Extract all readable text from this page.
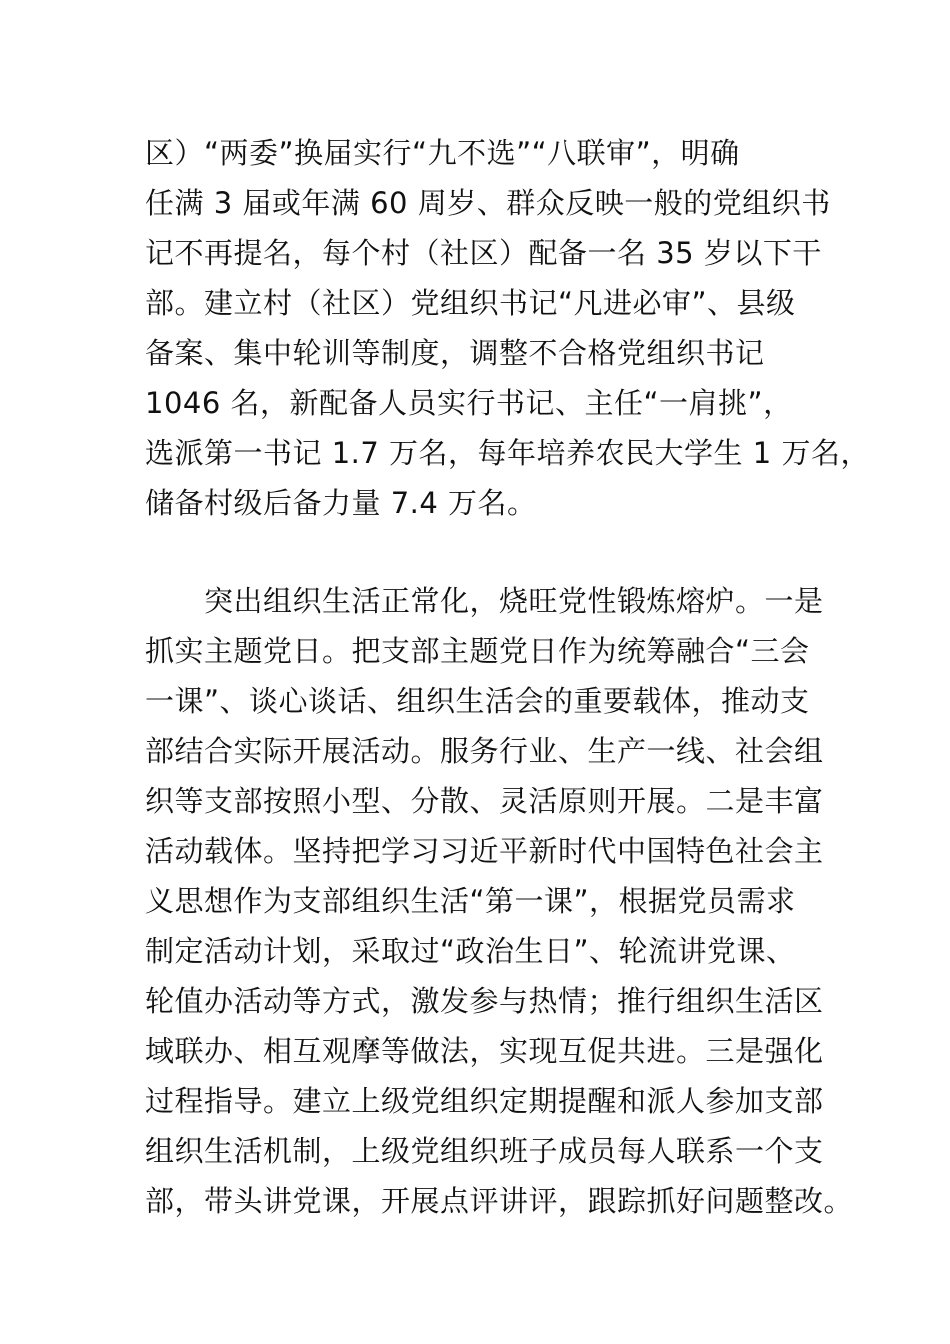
区）“两委”换届实行“九不选”“八联审”，明确
任满 3 届或年满 60 周岁、群众反映一般的党组织书
记不再提名，每个村（社区）配备一名 35 岁以下干
部。建立村（社区）党组织书记“凡进必审”、县级
备案、集中轮训等制度，调整不合格党组织书记
1046 名，新配备人员实行书记、主任“一肩挑”，
选派第一书记 1.7 万名，每年培养农民大学生 1 万名，
储备村级后备力量 7.4 万名。
　　突出组织生活正常化，烧旺党性锻炼熔炉。一是
抓实主题党日。把支部主题党日作为统筹融合“三会
一课”、谈心谈话、组织生活会的重要载体，推动支
部结合实际开展活动。服务行业、生产一线、社会组
织等支部按照小型、分散、灵活原则开展。二是丰富
活动载体。坚持把学习习近平新时代中国特色社会主
义思想作为支部组织生活“第一课”，根据党员需求
制定活动计划，采取过“政治生日”、轮流讲党课、
轮值办活动等方式，激发参与热情；推行组织生活区
域联办、相互观摩等做法，实现互促共进。三是强化
过程指导。建立上级党组织定期提醒和派人参加支部
组织生活机制，上级党组织班子成员每人联系一个支
部，带头讲党课，开展点评讲评，跟踪抓好问题整改。
